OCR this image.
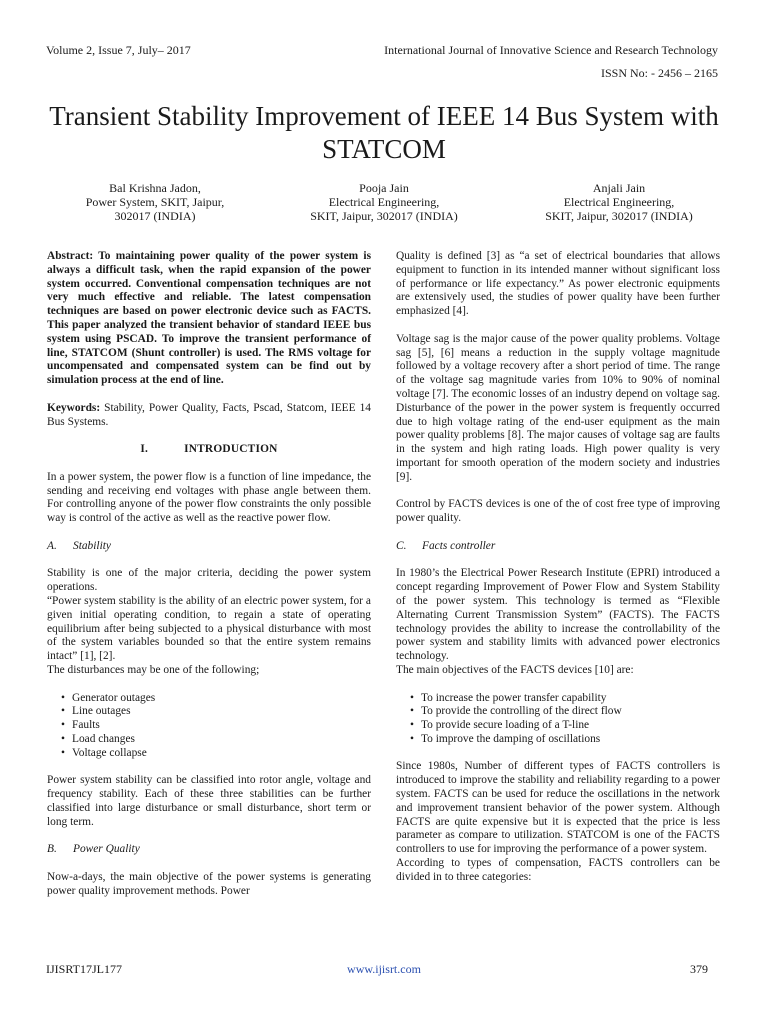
Volume 2, Issue 7, July– 2017	International Journal of Innovative Science and Research Technology
ISSN No: - 2456 – 2165
Transient Stability Improvement of IEEE 14 Bus System with STATCOM
Bal Krishna Jadon,
Power System, SKIT, Jaipur,
302017 (INDIA)
Pooja Jain
Electrical Engineering,
SKIT, Jaipur, 302017 (INDIA)
Anjali Jain
Electrical Engineering,
SKIT, Jaipur, 302017 (INDIA)

Abstract: To maintaining power quality of the power system is always a difficult task, when the rapid expansion of the power system occurred. Conventional compensation techniques are not very much effective and reliable. The latest compensation techniques are based on power electronic device such as FACTS. This paper analyzed the transient behavior of standard IEEE bus system using PSCAD. To improve the transient performance of line, STATCOM (Shunt controller) is used. The RMS voltage for uncompensated and compensated system can be find out by simulation process at the end of line.

Keywords: Stability, Power Quality, Facts, Pscad, Statcom, IEEE 14 Bus Systems.

I.	INTRODUCTION

In a power system, the power flow is a function of line impedance, the sending and receiving end voltages with phase angle between them. For controlling anyone of the power flow constraints the only possible way is control of the active as well as the reactive power flow.

A. Stability

Stability is one of the major criteria, deciding the power system operations.

“Power system stability is the ability of an electric power system, for a given initial operating condition, to regain a state of operating equilibrium after being subjected to a physical disturbance with most of the system variables bounded so that the entire system remains intact” [1], [2].

The disturbances may be one of the following;

• Generator outages
• Line outages
• Faults
• Load changes
• Voltage collapse

Power system stability can be classified into rotor angle, voltage and frequency stability. Each of these three stabilities can be further classified into large disturbance or small disturbance, short term or long term.

B. Power Quality

Now-a-days, the main objective of the power systems is generating power quality improvement methods. Power

Quality is defined [3] as “a set of electrical boundaries that allows equipment to function in its intended manner without significant loss of performance or life expectancy.” As power electronic equipments are extensively used, the studies of power quality have been further emphasized [4].

Voltage sag is the major cause of the power quality problems. Voltage sag [5], [6] means a reduction in the supply voltage magnitude followed by a voltage recovery after a short period of time. The range of the voltage sag magnitude varies from 10% to 90% of nominal voltage [7]. The economic losses of an industry depend on voltage sag. Disturbance of the power in the power system is frequently occurred due to high voltage rating of the end-user equipment as the main power quality problems [8]. The major causes of voltage sag are faults in the system and high rating loads. High power quality is very important for smooth operation of the modern society and industries [9].

Control by FACTS devices is one of the of cost free type of improving power quality.

C. Facts controller

In 1980’s the Electrical Power Research Institute (EPRI) introduced a concept regarding Improvement of Power Flow and System Stability of the power system. This technology is termed as “Flexible Alternating Current Transmission System” (FACTS). The FACTS technology provides the ability to increase the controllability of the power system and stability limits with advanced power electronics technology.

The main objectives of the FACTS devices [10] are:

• To increase the power transfer capability
• To provide the controlling of the direct flow
• To provide secure loading of a T-line
• To improve the damping of oscillations

Since 1980s, Number of different types of FACTS controllers is introduced to improve the stability and reliability regarding to a power system. FACTS can be used for reduce the oscillations in the network and improvement transient behavior of the power system. Although FACTS are quite expensive but it is expected that the price is less parameter as compare to utilization. STATCOM is one of the FACTS controllers to use for improving the performance of a power system.

According to types of compensation, FACTS controllers can be divided in to three categories:

IJISRT17JL177	www.ijisrt.com	379
